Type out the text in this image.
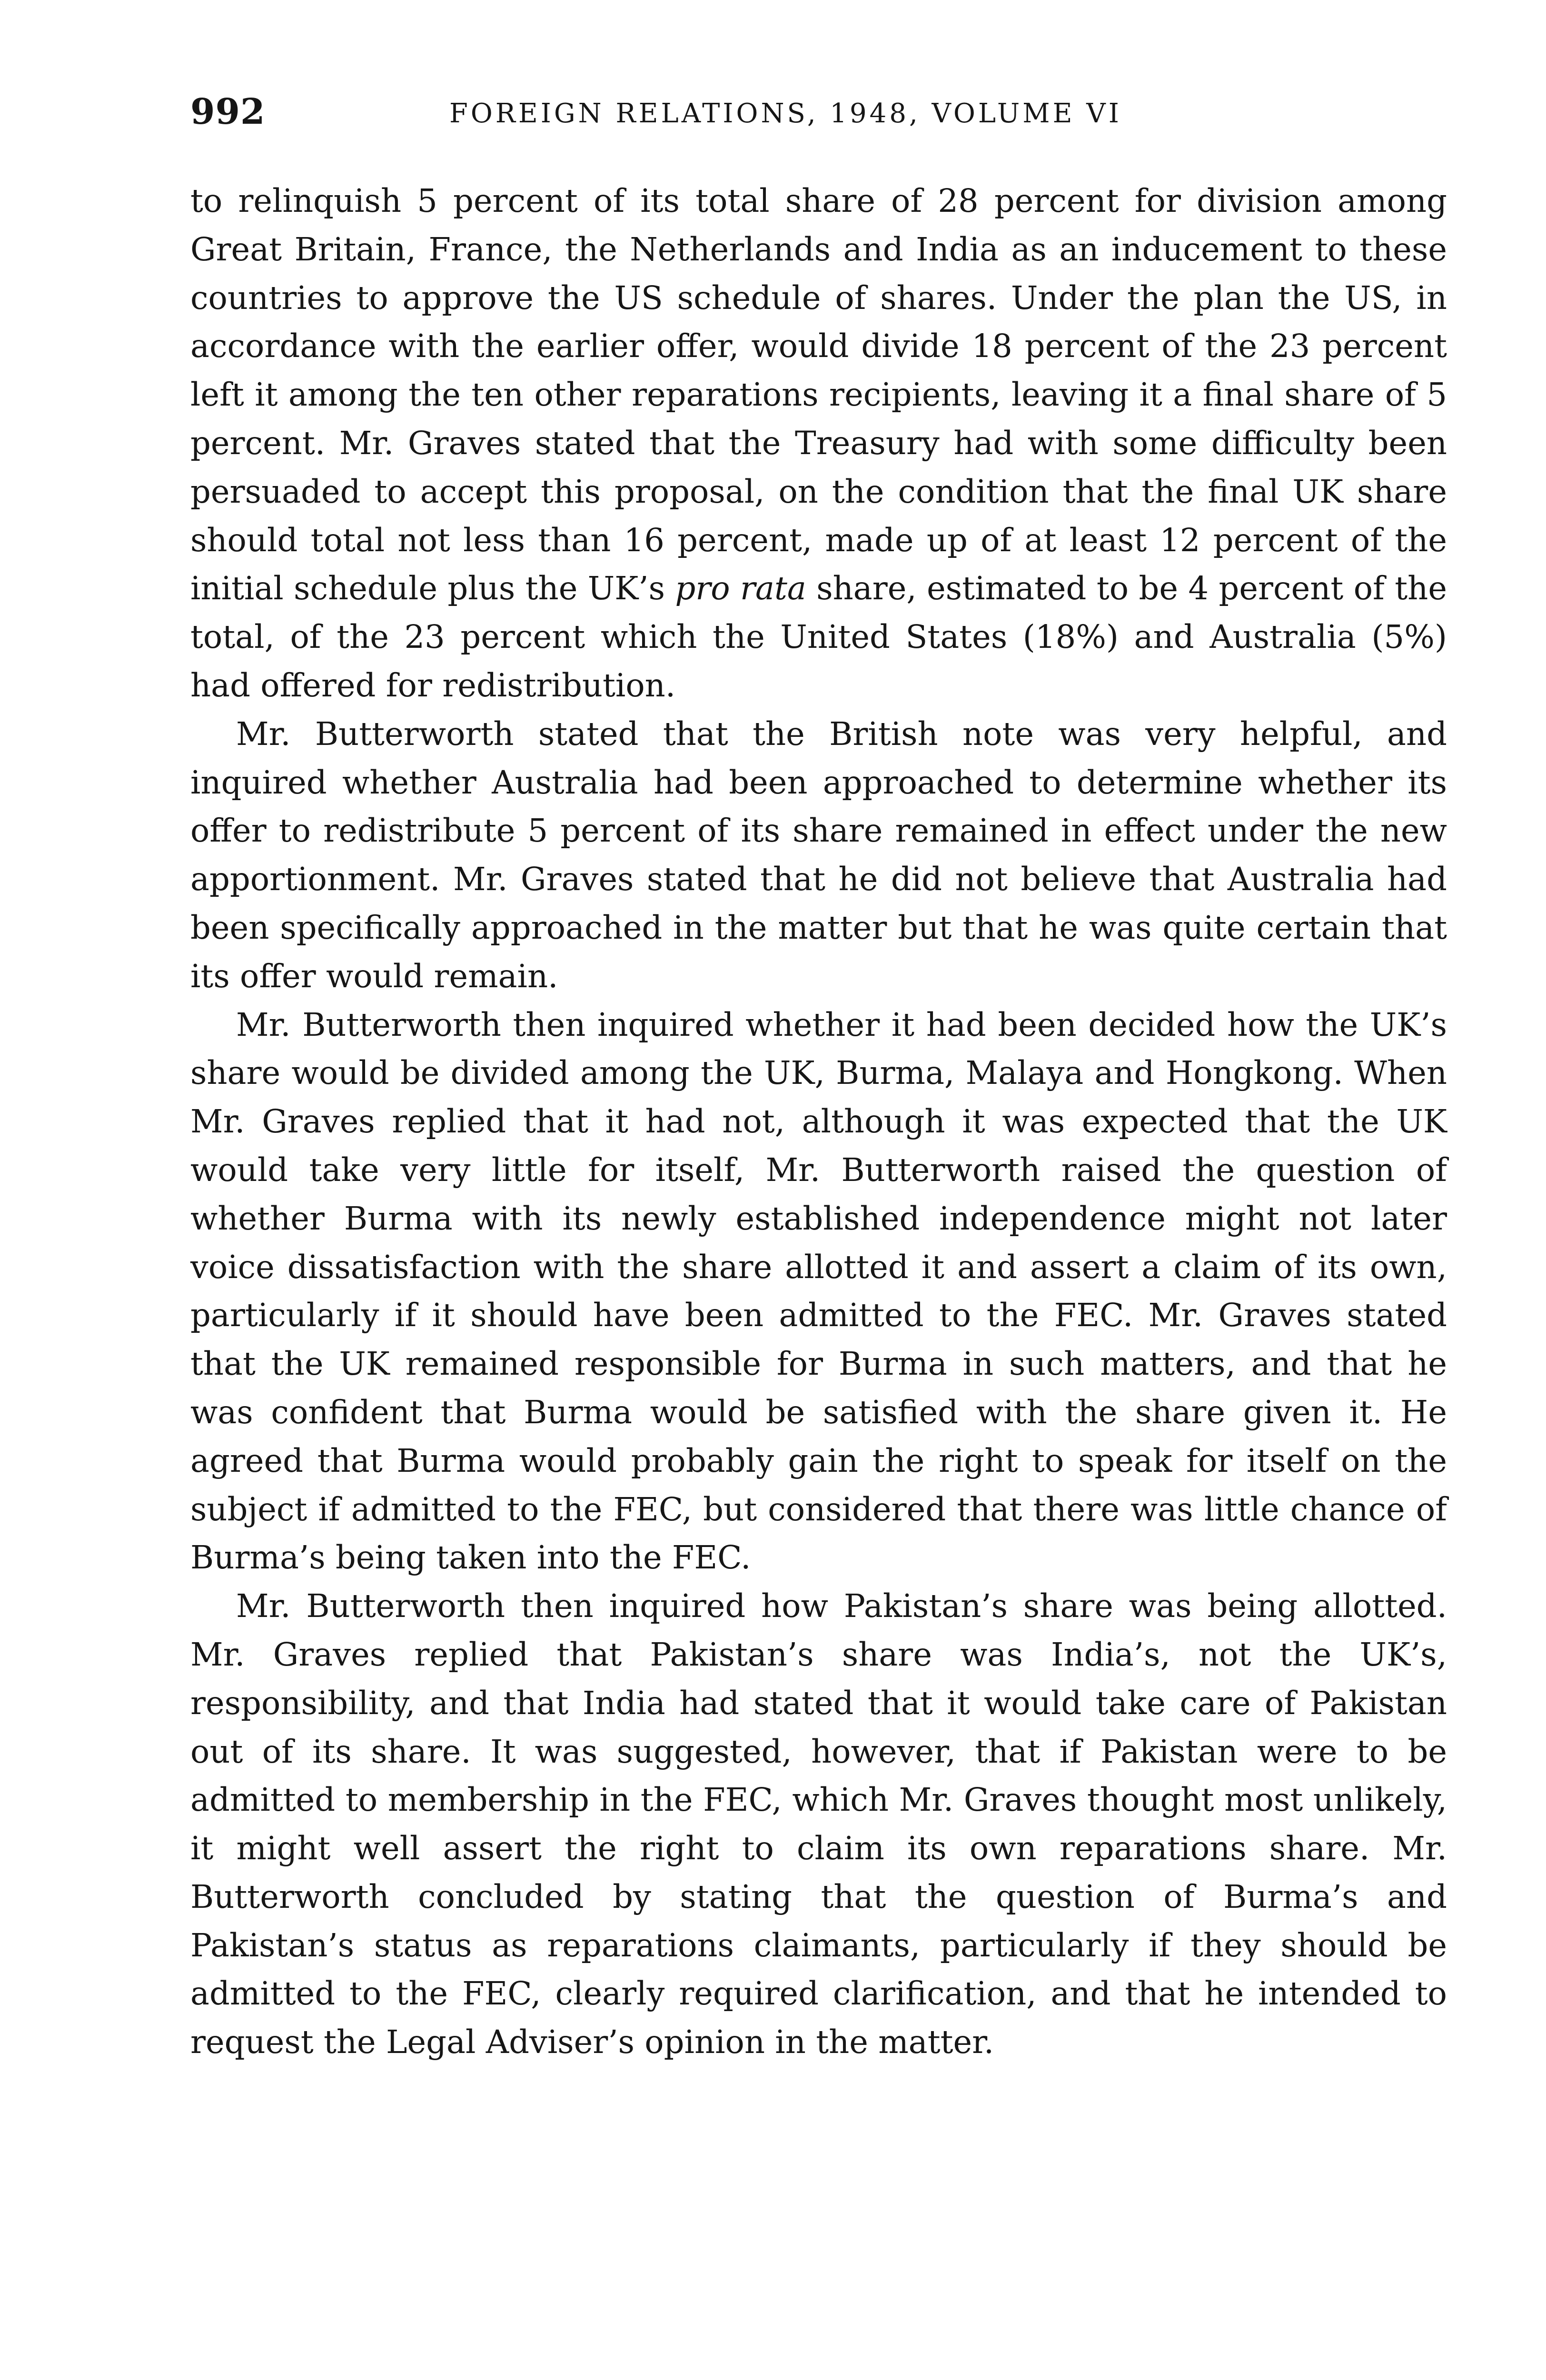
992	FOREIGN RELATIONS, 1948, VOLUME VI

to relinquish 5 percent of its total share of 28 percent for division among Great Britain, France, the Netherlands and India as an inducement to these countries to approve the US schedule of shares. Under the plan the US, in accordance with the earlier offer, would divide 18 percent of the 23 percent left it among the ten other reparations recipients, leaving it a final share of 5 percent. Mr. Graves stated that the Treasury had with some difficulty been persuaded to accept this proposal, on the condition that the final UK share should total not less than 16 percent, made up of at least 12 percent of the initial schedule plus the UK’s pro rata share, estimated to be 4 percent of the total, of the 23 percent which the United States (18%) and Australia (5%) had offered for redistribution.

Mr. Butterworth stated that the British note was very helpful, and inquired whether Australia had been approached to determine whether its offer to redistribute 5 percent of its share remained in effect under the new apportionment. Mr. Graves stated that he did not believe that Australia had been specifically approached in the matter but that he was quite certain that its offer would remain.

Mr. Butterworth then inquired whether it had been decided how the UK’s share would be divided among the UK, Burma, Malaya and Hongkong. When Mr. Graves replied that it had not, although it was expected that the UK would take very little for itself, Mr. Butterworth raised the question of whether Burma with its newly established independence might not later voice dissatisfaction with the share allotted it and assert a claim of its own, particularly if it should have been admitted to the FEC. Mr. Graves stated that the UK remained responsible for Burma in such matters, and that he was confident that Burma would be satisfied with the share given it. He agreed that Burma would probably gain the right to speak for itself on the subject if admitted to the FEC, but considered that there was little chance of Burma’s being taken into the FEC.

Mr. Butterworth then inquired how Pakistan’s share was being allotted. Mr. Graves replied that Pakistan’s share was India’s, not the UK’s, responsibility, and that India had stated that it would take care of Pakistan out of its share. It was suggested, however, that if Pakistan were to be admitted to membership in the FEC, which Mr. Graves thought most unlikely, it might well assert the right to claim its own reparations share. Mr. Butterworth concluded by stating that the question of Burma’s and Pakistan’s status as reparations claimants, particularly if they should be admitted to the FEC, clearly required clarification, and that he intended to request the Legal Adviser’s opinion in the matter.
